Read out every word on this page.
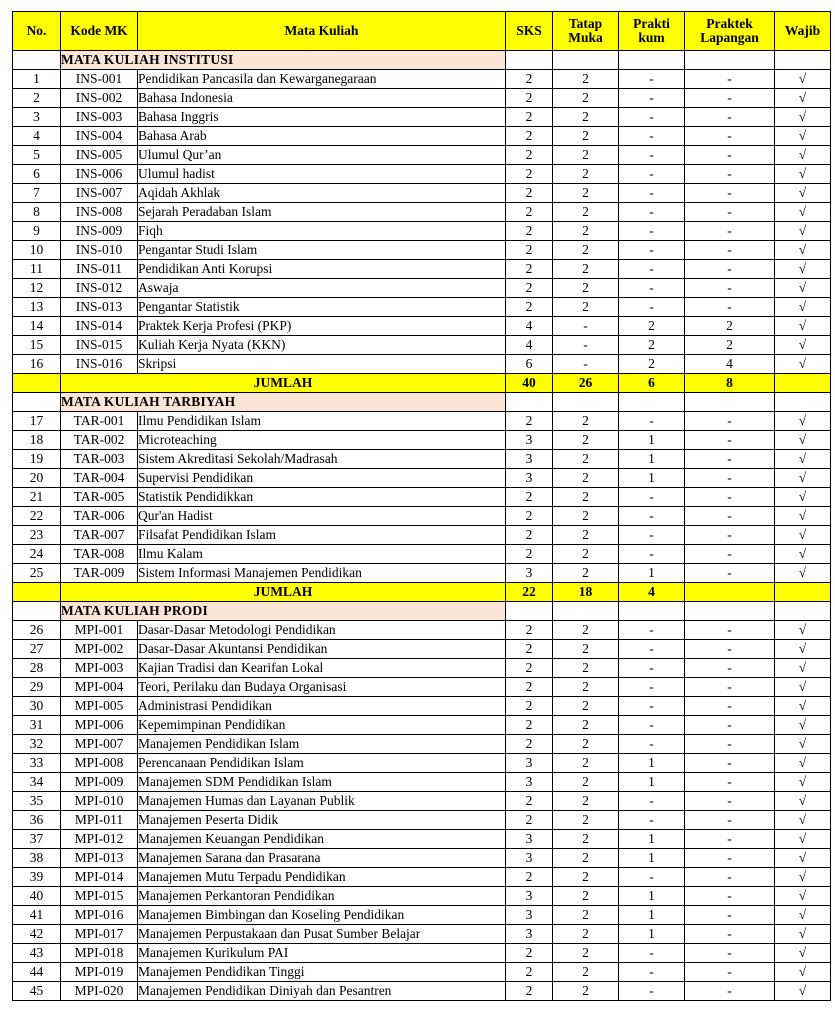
No.	Kode MK	Mata Kuliah	SKS	Tatap Muka	Prakti kum	Praktek Lapangan	Wajib
	MATA KULIAH INSTITUSI						
1	INS-001	Pendidikan Pancasila dan Kewarganegaraan	2	2	-	-	√
2	INS-002	Bahasa Indonesia	2	2	-	-	√
3	INS-003	Bahasa Inggris	2	2	-	-	√
4	INS-004	Bahasa Arab	2	2	-	-	√
5	INS-005	Ulumul Qur’an	2	2	-	-	√
6	INS-006	Ulumul hadist	2	2	-	-	√
7	INS-007	Aqidah Akhlak	2	2	-	-	√
8	INS-008	Sejarah Peradaban Islam	2	2	-	-	√
9	INS-009	Fiqh	2	2	-	-	√
10	INS-010	Pengantar Studi Islam	2	2	-	-	√
11	INS-011	Pendidikan Anti Korupsi	2	2	-	-	√
12	INS-012	Aswaja	2	2	-	-	√
13	INS-013	Pengantar Statistik	2	2	-	-	√
14	INS-014	Praktek Kerja Profesi (PKP)	4	-	2	2	√
15	INS-015	Kuliah Kerja Nyata (KKN)	4	-	2	2	√
16	INS-016	Skripsi	6	-	2	4	√
	JUMLAH		40	26	6	8	
	MATA KULIAH TARBIYAH						
17	TAR-001	Ilmu Pendidikan Islam	2	2	-	-	√
18	TAR-002	Microteaching	3	2	1	-	√
19	TAR-003	Sistem Akreditasi Sekolah/Madrasah	3	2	1	-	√
20	TAR-004	Supervisi Pendidikan	3	2	1	-	√
21	TAR-005	Statistik Pendidikkan	2	2	-	-	√
22	TAR-006	Qur'an Hadist	2	2	-	-	√
23	TAR-007	Filsafat Pendidikan Islam	2	2	-	-	√
24	TAR-008	Ilmu Kalam	2	2	-	-	√
25	TAR-009	Sistem Informasi Manajemen Pendidikan	3	2	1	-	√
	JUMLAH		22	18	4		
	MATA KULIAH PRODI						
26	MPI-001	Dasar-Dasar Metodologi Pendidikan	2	2	-	-	√
27	MPI-002	Dasar-Dasar Akuntansi Pendidikan	2	2	-	-	√
28	MPI-003	Kajian Tradisi dan Kearifan Lokal	2	2	-	-	√
29	MPI-004	Teori, Perilaku dan Budaya Organisasi	2	2	-	-	√
30	MPI-005	Administrasi Pendidikan	2	2	-	-	√
31	MPI-006	Kepemimpinan Pendidikan	2	2	-	-	√
32	MPI-007	Manajemen Pendidikan Islam	2	2	-	-	√
33	MPI-008	Perencanaan Pendidikan Islam	3	2	1	-	√
34	MPI-009	Manajemen SDM Pendidikan Islam	3	2	1	-	√
35	MPI-010	Manajemen Humas dan Layanan Publik	2	2	-	-	√
36	MPI-011	Manajemen Peserta Didik	2	2	-	-	√
37	MPI-012	Manajemen Keuangan Pendidikan	3	2	1	-	√
38	MPI-013	Manajemen Sarana dan Prasarana	3	2	1	-	√
39	MPI-014	Manajemen Mutu Terpadu Pendidikan	2	2	-	-	√
40	MPI-015	Manajemen Perkantoran Pendidikan	3	2	1	-	√
41	MPI-016	Manajemen Bimbingan dan Koseling Pendidikan	3	2	1	-	√
42	MPI-017	Manajemen Perpustakaan dan Pusat Sumber Belajar	3	2	1	-	√
43	MPI-018	Manajemen Kurikulum PAI	2	2	-	-	√
44	MPI-019	Manajemen Pendidikan Tinggi	2	2	-	-	√
45	MPI-020	Manajemen Pendidikan Diniyah dan Pesantren	2	2	-	-	√
